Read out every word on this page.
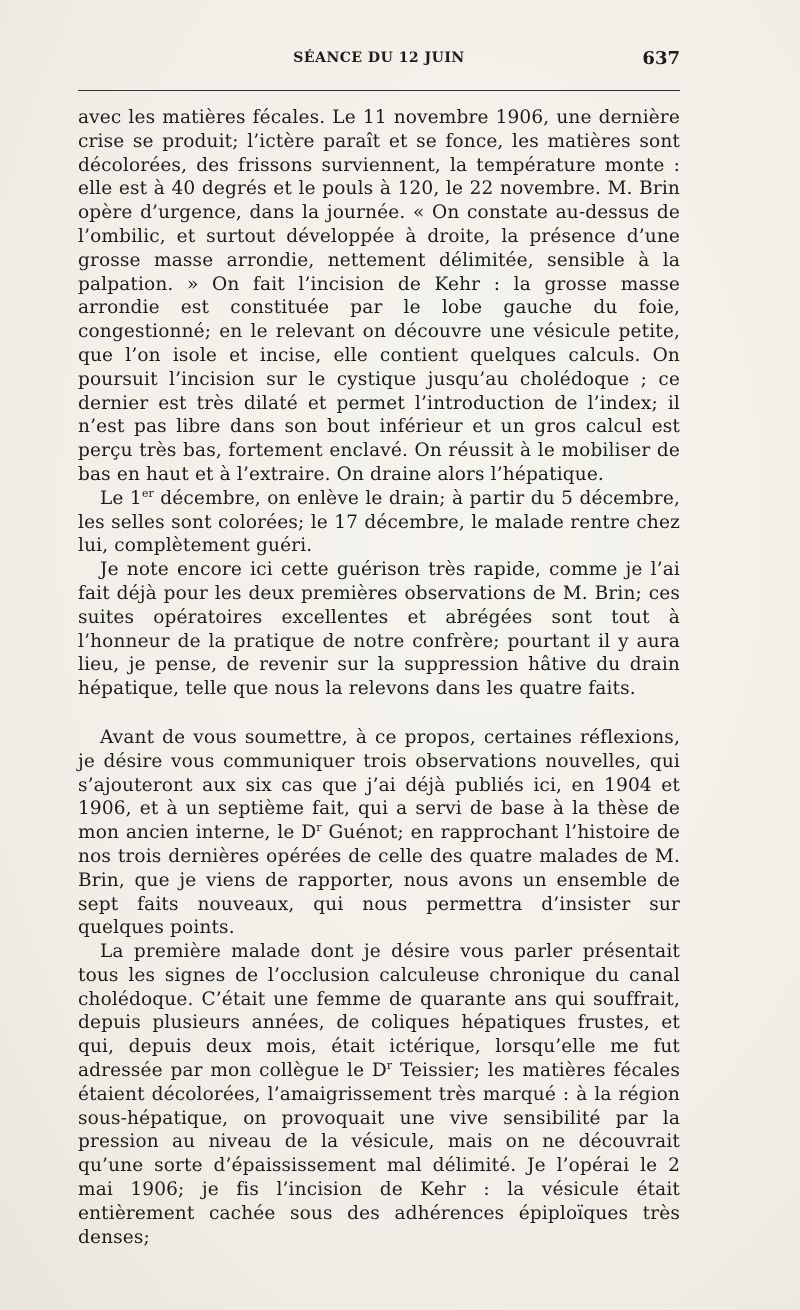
SÉANCE DU 12 JUIN	637

avec les matières fécales. Le 11 novembre 1906, une dernière crise se produit; l’ictère paraît et se fonce, les matières sont décolorées, des frissons surviennent, la température monte : elle est à 40 degrés et le pouls à 120, le 22 novembre. M. Brin opère d’urgence, dans la journée. « On constate au-dessus de l’ombilic, et surtout développée à droite, la présence d’une grosse masse arrondie, nettement délimitée, sensible à la palpation. » On fait l’incision de Kehr : la grosse masse arrondie est constituée par le lobe gauche du foie, congestionné; en le relevant on découvre une vésicule petite, que l’on isole et incise, elle contient quelques calculs. On poursuit l’incision sur le cystique jusqu’au cholédoque ; ce dernier est très dilaté et permet l’introduction de l’index; il n’est pas libre dans son bout inférieur et un gros calcul est perçu très bas, fortement enclavé. On réussit à le mobiliser de bas en haut et à l’extraire. On draine alors l’hépatique.

Le 1er décembre, on enlève le drain; à partir du 5 décembre, les selles sont colorées; le 17 décembre, le malade rentre chez lui, complètement guéri.

Je note encore ici cette guérison très rapide, comme je l’ai fait déjà pour les deux premières observations de M. Brin; ces suites opératoires excellentes et abrégées sont tout à l’honneur de la pratique de notre confrère; pourtant il y aura lieu, je pense, de revenir sur la suppression hâtive du drain hépatique, telle que nous la relevons dans les quatre faits.

Avant de vous soumettre, à ce propos, certaines réflexions, je désire vous communiquer trois observations nouvelles, qui s’ajouteront aux six cas que j’ai déjà publiés ici, en 1904 et 1906, et à un septième fait, qui a servi de base à la thèse de mon ancien interne, le $D^r$ Guénot; en rapprochant l’histoire de nos trois dernières opérées de celle des quatre malades de M. Brin, que je viens de rapporter, nous avons un ensemble de sept faits nouveaux, qui nous permettra d’insister sur quelques points.

La première malade dont je désire vous parler présentait tous les signes de l’occlusion calculeuse chronique du canal cholédoque. C’était une femme de quarante ans qui souffrait, depuis plusieurs années, de coliques hépatiques frustes, et qui, depuis deux mois, était ictérique, lorsqu’elle me fut adressée par mon collègue le $D^r$ Teissier; les matières fécales étaient décolorées, l’amaigrissement très marqué : à la région sous-hépatique, on provoquait une vive sensibilité par la pression au niveau de la vésicule, mais on ne découvrait qu’une sorte d’épaississement mal délimité. Je l’opérai le 2 mai 1906; je fis l’incision de Kehr : la vésicule était entièrement cachée sous des adhérences épiploïques très denses;
